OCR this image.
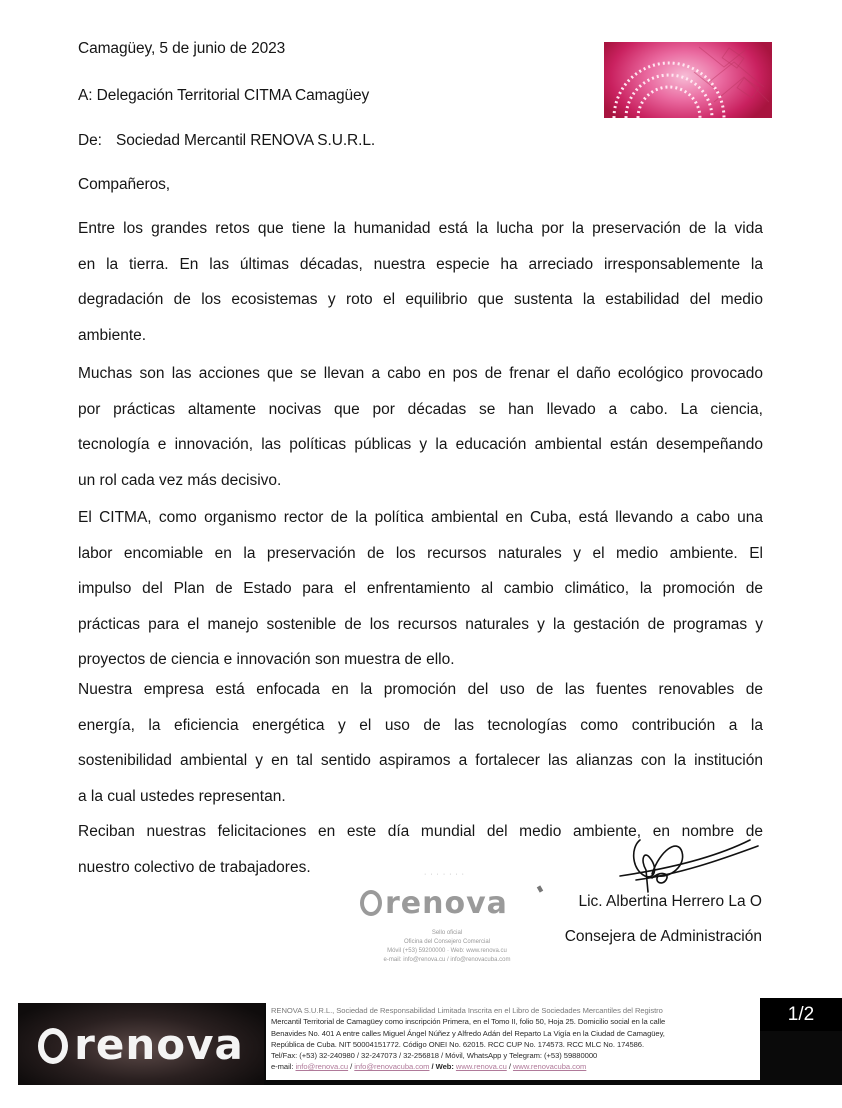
Camagüey, 5 de junio de 2023
A: Delegación Territorial CITMA Camagüey
De: Sociedad Mercantil RENOVA S.U.R.L.
Compañeros,
Entre los grandes retos que tiene la humanidad está la lucha por la preservación de la vida
en la tierra. En las últimas décadas, nuestra especie ha arreciado irresponsablemente la
degradación de los ecosistemas y roto el equilibrio que sustenta la estabilidad del medio
ambiente.
Muchas son las acciones que se llevan a cabo en pos de frenar el daño ecológico provocado
por prácticas altamente nocivas que por décadas se han llevado a cabo. La ciencia,
tecnología e innovación, las políticas públicas y la educación ambiental están desempeñando
un rol cada vez más decisivo.
El CITMA, como organismo rector de la política ambiental en Cuba, está llevando a cabo una
labor encomiable en la preservación de los recursos naturales y el medio ambiente. El
impulso del Plan de Estado para el enfrentamiento al cambio climático, la promoción de
prácticas para el manejo sostenible de los recursos naturales y la gestación de programas y
proyectos de ciencia e innovación son muestra de ello.
Nuestra empresa está enfocada en la promoción del uso de las fuentes renovables de
energía, la eficiencia energética y el uso de las tecnologías como contribución a la
sostenibilidad ambiental y en tal sentido aspiramos a fortalecer las alianzas con la institución
a la cual ustedes representan.
Reciban nuestras felicitaciones en este día mundial del medio ambiente, en nombre de
nuestro colectivo de trabajadores.	· · · · · · ·
renova
Sello oficial
Oficina del Consejero Comercial
Móvil (+53) 59200000 · Web: www.renova.cu
e-mail: info@renova.cu / info@renovacuba.com
Lic. Albertina Herrero La O
Consejera de Administración
renova
RENOVA S.U.R.L., Sociedad de Responsabilidad Limitada Inscrita en el Libro de Sociedades Mercantiles del Registro
Mercantil Territorial de Camagüey como inscripción Primera, en el Tomo II, folio 50, Hoja 25. Domicilio social en la calle
Benavides No. 401 A entre calles Miguel Ángel Núñez y Alfredo Adán del Reparto La Vigía en la Ciudad de Camagüey,
República de Cuba. NIT 50004151772. Código ONEI No. 62015. RCC CUP No. 174573. RCC MLC No. 174586.
Tel/Fax: (+53) 32-240980 / 32-247073 / 32-256818 / Móvil, WhatsApp y Telegram: (+53) 59880000
e-mail: info@renova.cu / info@renovacuba.com / Web: www.renova.cu / www.renovacuba.com
1/2
